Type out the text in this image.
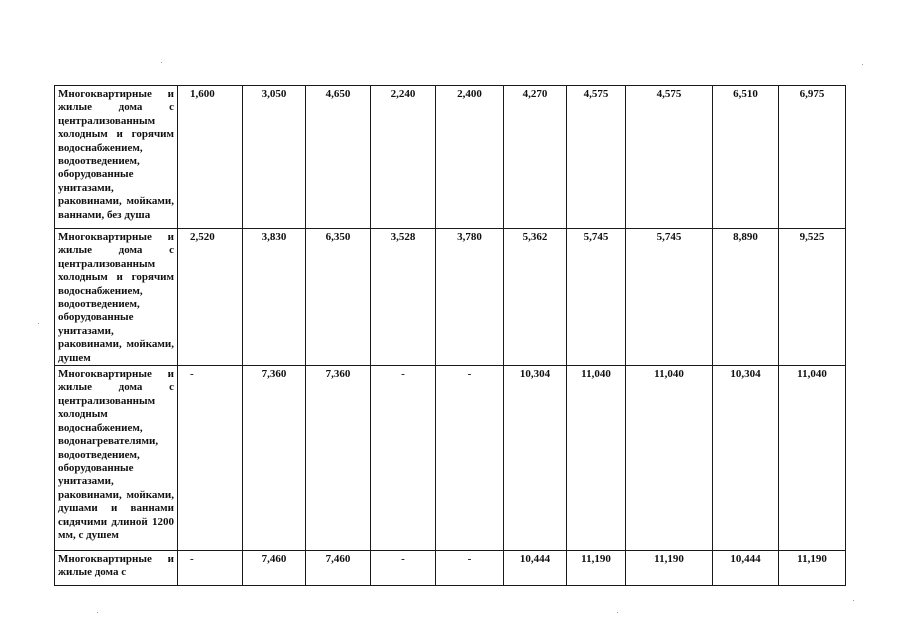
Многоквартирные и жилые дома с централизованным холодным и горячим водоснабжением, водоотведением, оборудованные унитазами, раковинами, мойками, ваннами, без душа	1,600	3,050	4,650	2,240	2,400	4,270	4,575	4,575	6,510	6,975
Многоквартирные и жилые дома с централизованным холодным и горячим водоснабжением, водоотведением, оборудованные унитазами, раковинами, мойками, душем	2,520	3,830	6,350	3,528	3,780	5,362	5,745	5,745	8,890	9,525
Многоквартирные и жилые дома с централизованным холодным водоснабжением, водонагревателями, водоотведением, оборудованные унитазами, раковинами, мойками, душами и ваннами сидячими длиной 1200 мм, с душем	-	7,360	7,360	-	-	10,304	11,040	11,040	10,304	11,040
Многоквартирные и жилые дома с	-	7,460	7,460	-	-	10,444	11,190	11,190	10,444	11,190
